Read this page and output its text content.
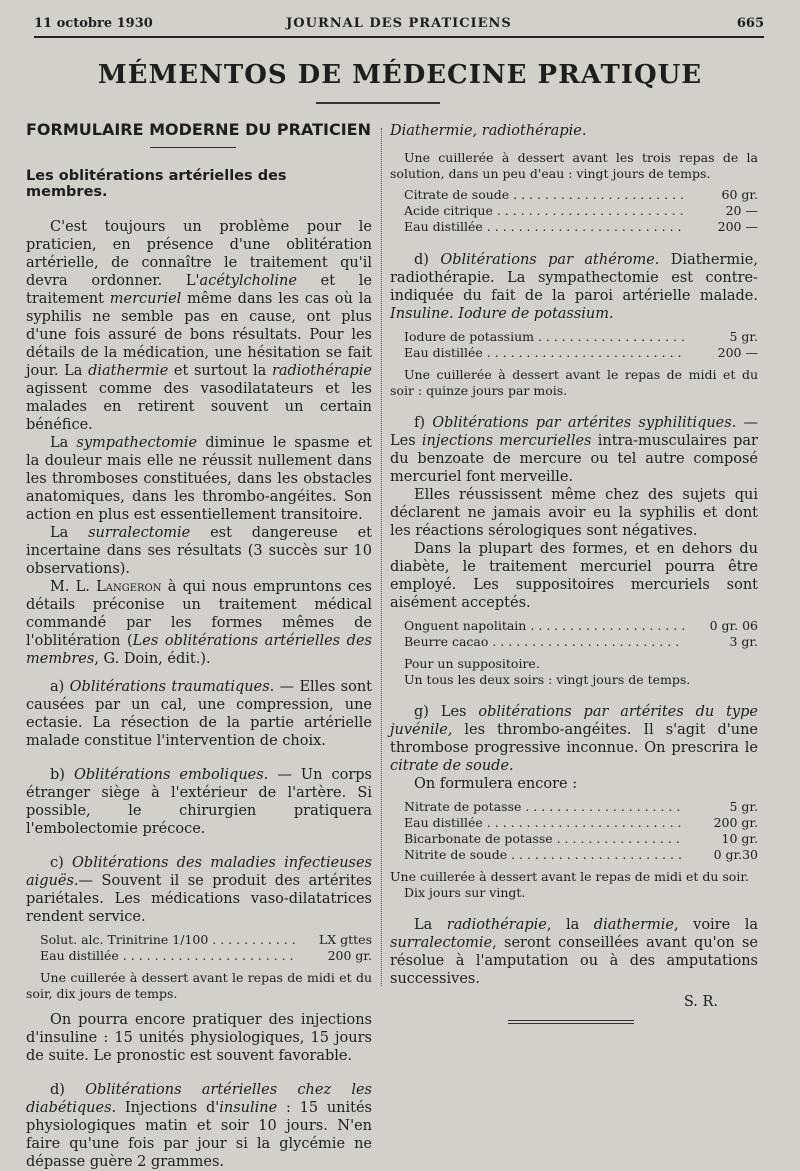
11 octobre 1930	JOURNAL DES PRATICIENS	665
MÉMENTOS DE MÉDECINE PRATIQUE
FORMULAIRE MODERNE DU PRATICIEN
Les oblitérations artérielles des membres.

C'est toujours un problème pour le praticien, en présence d'une oblitération artérielle, de connaître le traitement qu'il devra ordonner. L'acétylcholine et le traitement mercuriel même dans les cas où la syphilis ne semble pas en cause, ont plus d'une fois assuré de bons résultats. Pour les détails de la médication, une hésitation se fait jour. La diathermie et surtout la radiothérapie agissent comme des vasodilatateurs et les malades en retirent souvent un certain bénéfice.

La sympathectomie diminue le spasme et la douleur mais elle ne réussit nullement dans les thromboses constituées, dans les obstacles anatomiques, dans les thrombo-angéites. Son action en plus est essentiellement transitoire.

La surralectomie est dangereuse et incertaine dans ses résultats (3 succès sur 10 observations).

M. L. Langeron à qui nous empruntons ces détails préconise un traitement médical commandé par les formes mêmes de l'oblitération (Les oblitérations artérielles des membres, G. Doin, édit.).

a) Oblitérations traumatiques. — Elles sont causées par un cal, une compression, une ectasie. La résection de la partie artérielle malade constitue l'intervention de choix.

b) Oblitérations emboliques. — Un corps étranger siège à l'extérieur de l'artère. Si possible, le chirurgien pratiquera l'embolectomie précoce.

c) Oblitérations des maladies infectieuses aiguës.— Souvent il se produit des artérites pariétales. Les médications vaso-dilatatrices rendent service.

Solut. alc. Trinitrine 1/100 . . .	LX gttes
Eau distillée . . .	200 gr.

Une cuillerée à dessert avant le repas de midi et du soir, dix jours de temps.

On pourra encore pratiquer des injections d'insuline : 15 unités physiologiques, 15 jours de suite. Le pronostic est souvent favorable.

d) Oblitérations artérielles chez les diabétiques. Injections d'insuline : 15 unités physiologiques matin et soir 10 jours. N'en faire qu'une fois par jour si la glycémie ne dépasse guère 2 grammes.

Diathermie, radiothérapie.

Une cuillerée à dessert avant les trois repas de la solution, dans un peu d'eau : vingt jours de temps.

Citrate de soude . . .	60 gr.
Acide citrique . . .	20 —
Eau distillée . . .	200 —

d) Oblitérations par athérome. Diathermie, radiothérapie. La sympathectomie est contre-indiquée du fait de la paroi artérielle malade. Insuline. Iodure de potassium.

Iodure de potassium . . .	5 gr.
Eau distillée . . .	200 —

Une cuillerée à dessert avant le repas de midi et du soir : quinze jours par mois.

f) Oblitérations par artérites syphilitiques. — Les injections mercurielles intra-musculaires par du benzoate de mercure ou tel autre composé mercuriel font merveille.

Elles réussissent même chez des sujets qui déclarent ne jamais avoir eu la syphilis et dont les réactions sérologiques sont négatives.

Dans la plupart des formes, et en dehors du diabète, le traitement mercuriel pourra être employé. Les suppositoires mercuriels sont aisément acceptés.

Onguent napolitain . . .	0 gr. 06
Beurre cacao . . .	3 gr.

Pour un suppositoire.

Un tous les deux soirs : vingt jours de temps.

g) Les oblitérations par artérites du type juvénile, les thrombo-angéites. Il s'agit d'une thrombose progressive inconnue. On prescrira le citrate de soude.

On formulera encore :

Nitrate de potasse . . .	5 gr.
Eau distillée . . .	200 gr.
Bicarbonate de potasse . . .	10 gr.
Nitrite de soude . . .	0 gr.30

Une cuillerée à dessert avant le repas de midi et du soir.

Dix jours sur vingt.

La radiothérapie, la diathermie, voire la surralectomie, seront conseillées avant qu'on se résolue à l'amputation ou à des amputations successives.

S. R.
